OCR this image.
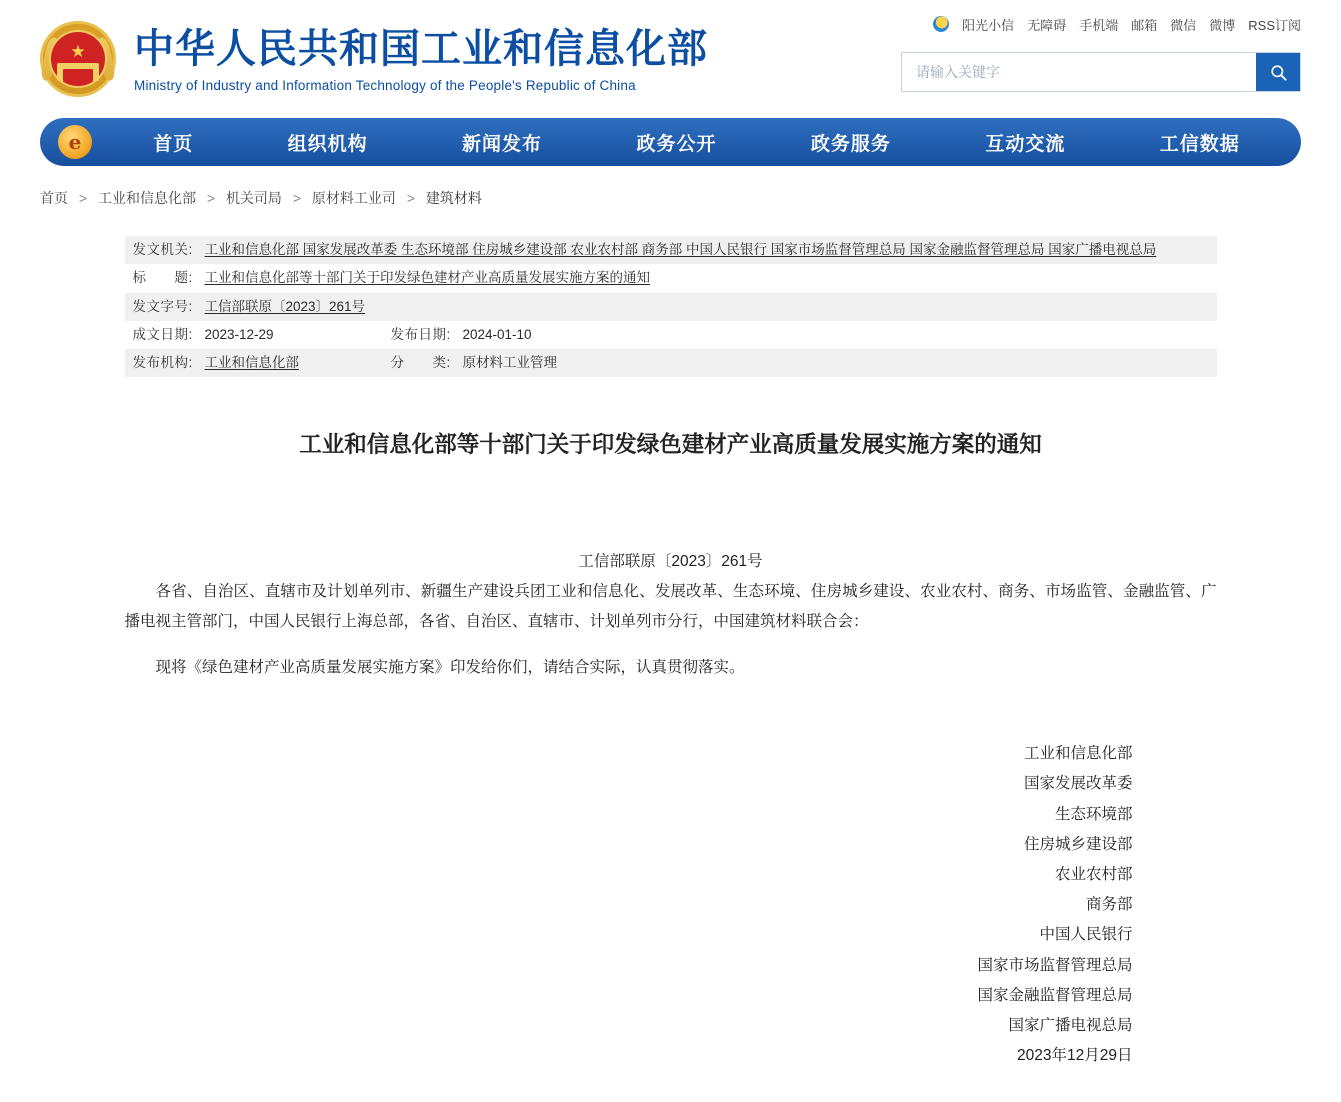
★ 中华人民共和国工业和信息化部
Ministry of Industry and Information Technology of the People's Republic of China
阳光小信 无障碍 手机端 邮箱 微信 微博 RSS订阅
请输入关键字
e	首页	组织机构	新闻发布	政务公开	政务服务	互动交流	工信数据
首页 > 工业和信息化部 > 机关司局 > 原材料工业司 > 建筑材料
发文机关: 工业和信息化部 国家发展改革委 生态环境部 住房城乡建设部 农业农村部 商务部 中国人民银行 国家市场监督管理总局 国家金融监督管理总局 国家广播电视总局
标　　题: 工业和信息化部等十部门关于印发绿色建材产业高质量发展实施方案的通知
发文字号: 工信部联原〔2023〕261号
成文日期: 2023-12-29	发布日期: 2024-01-10
发布机构: 工业和信息化部	分　　类: 原材料工业管理
工业和信息化部等十部门关于印发绿色建材产业高质量发展实施方案的通知
工信部联原〔2023〕261号

各省、自治区、直辖市及计划单列市、新疆生产建设兵团工业和信息化、发展改革、生态环境、住房城乡建设、农业农村、商务、市场监管、金融监管、广播电视主管部门，中国人民银行上海总部，各省、自治区、直辖市、计划单列市分行，中国建筑材料联合会：

现将《绿色建材产业高质量发展实施方案》印发给你们，请结合实际，认真贯彻落实。

工业和信息化部
国家发展改革委
生态环境部
住房城乡建设部
农业农村部
商务部
中国人民银行
国家市场监督管理总局
国家金融监督管理总局
国家广播电视总局
2023年12月29日
